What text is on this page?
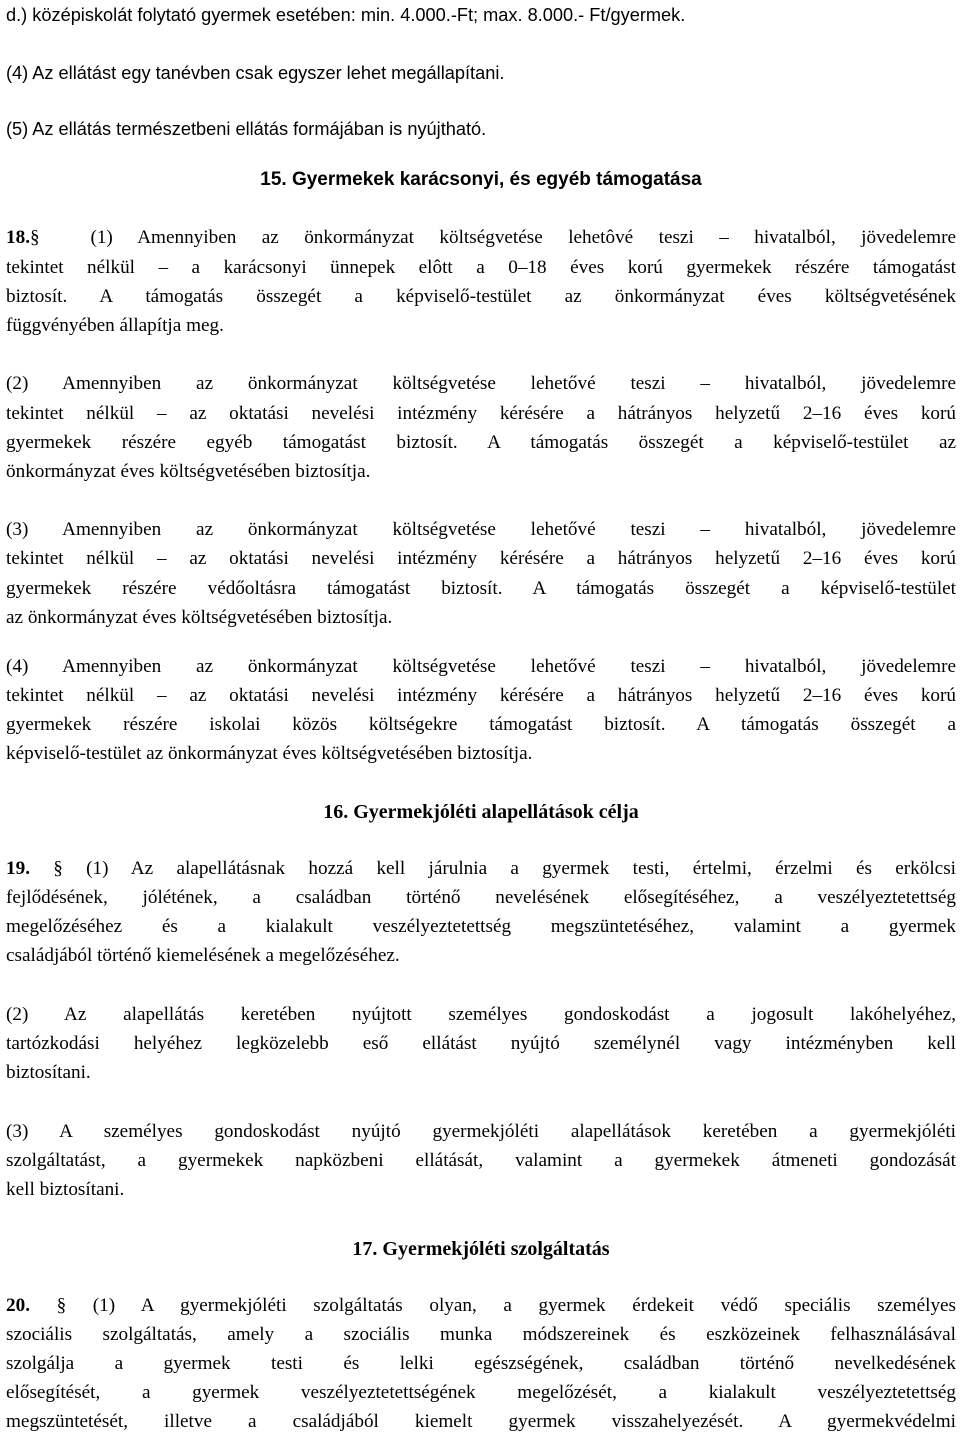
d.) középiskolát folytató gyermek esetében: min. 4.000.-Ft; max. 8.000.- Ft/gyermek.
(4) Az ellátást egy tanévben csak egyszer lehet megállapítani.
(5) Az ellátás természetbeni ellátás formájában is nyújtható.
15. Gyermekek karácsonyi, és egyéb támogatása
18.§	(1) Amennyiben az önkormányzat költségvetése lehetôvé teszi – hivatalból, jövedelemre
tekintet nélkül – a karácsonyi ünnepek elôtt a 0–18 éves korú gyermekek részére támogatást
biztosít. A támogatás összegét a képviselő-testület az önkormányzat éves költségvetésének
függvényében állapítja meg.
(2) Amennyiben az önkormányzat költségvetése lehetővé teszi – hivatalból, jövedelemre
tekintet nélkül – az oktatási nevelési intézmény kérésére a hátrányos helyzetű 2–16 éves korú
gyermekek részére egyéb támogatást biztosít. A támogatás összegét a képviselő-testület az
önkormányzat éves költségvetésében biztosítja.
(3) Amennyiben az önkormányzat költségvetése lehetővé teszi – hivatalból, jövedelemre
tekintet nélkül – az oktatási nevelési intézmény kérésére a hátrányos helyzetű 2–16 éves korú
gyermekek részére védőoltásra támogatást biztosít. A támogatás összegét a képviselő-testület
az önkormányzat éves költségvetésében biztosítja.
(4) Amennyiben az önkormányzat költségvetése lehetővé teszi – hivatalból, jövedelemre
tekintet nélkül – az oktatási nevelési intézmény kérésére a hátrányos helyzetű 2–16 éves korú
gyermekek részére iskolai közös költségekre támogatást biztosít. A támogatás összegét a
képviselő-testület az önkormányzat éves költségvetésében biztosítja.
16. Gyermekjóléti alapellátások célja
19. § (1) Az alapellátásnak hozzá kell járulnia a gyermek testi, értelmi, érzelmi és erkölcsi
fejlődésének, jólétének, a családban történő nevelésének elősegítéséhez, a veszélyeztetettség
megelőzéséhez és a kialakult veszélyeztetettség megszüntetéséhez, valamint a gyermek
családjából történő kiemelésének a megelőzéséhez.
(2) Az alapellátás keretében nyújtott személyes gondoskodást a jogosult lakóhelyéhez,
tartózkodási helyéhez legközelebb eső ellátást nyújtó személynél vagy intézményben kell
biztosítani.
(3) A személyes gondoskodást nyújtó gyermekjóléti alapellátások keretében a gyermekjóléti
szolgáltatást, a gyermekek napközbeni ellátását, valamint a gyermekek átmeneti gondozását
kell biztosítani.
17. Gyermekjóléti szolgáltatás
20. § (1) A gyermekjóléti szolgáltatás olyan, a gyermek érdekeit védő speciális személyes
szociális szolgáltatás, amely a szociális munka módszereinek és eszközeinek felhasználásával
szolgálja a gyermek testi és lelki egészségének, családban történő nevelkedésének
elősegítését, a gyermek veszélyeztetettségének megelőzését, a kialakult veszélyeztetettség
megszüntetését, illetve a családjából kiemelt gyermek visszahelyezését. A gyermekvédelmi
